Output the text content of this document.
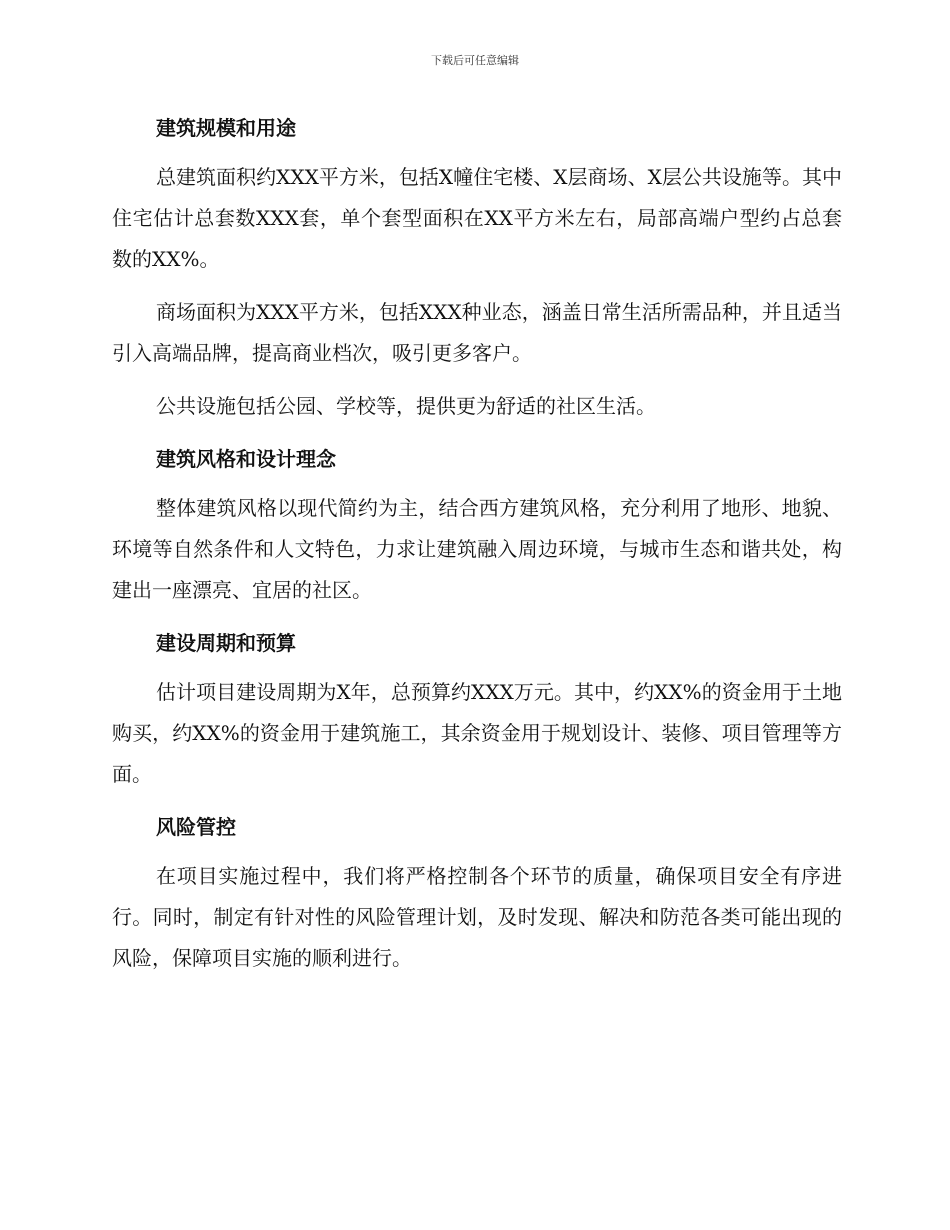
下载后可任意编辑
建筑规模和用途

总建筑面积约XXX平方米，包括X幢住宅楼、X层商场、X层公共设施等。其中住宅估计总套数XXX套，单个套型面积在XX平方米左右，局部高端户型约占总套数的XX%。

商场面积为XXX平方米，包括XXX种业态，涵盖日常生活所需品种，并且适当引入高端品牌，提高商业档次，吸引更多客户。

公共设施包括公园、学校等，提供更为舒适的社区生活。

建筑风格和设计理念

整体建筑风格以现代简约为主，结合西方建筑风格，充分利用了地形、地貌、环境等自然条件和人文特色，力求让建筑融入周边环境，与城市生态和谐共处，构建出一座漂亮、宜居的社区。

建设周期和预算

估计项目建设周期为X年，总预算约XXX万元。其中，约XX%的资金用于土地购买，约XX%的资金用于建筑施工，其余资金用于规划设计、装修、项目管理等方面。

风险管控

在项目实施过程中，我们将严格控制各个环节的质量，确保项目安全有序进行。同时，制定有针对性的风险管理计划，及时发现、解决和防范各类可能出现的风险，保障项目实施的顺利进行。
